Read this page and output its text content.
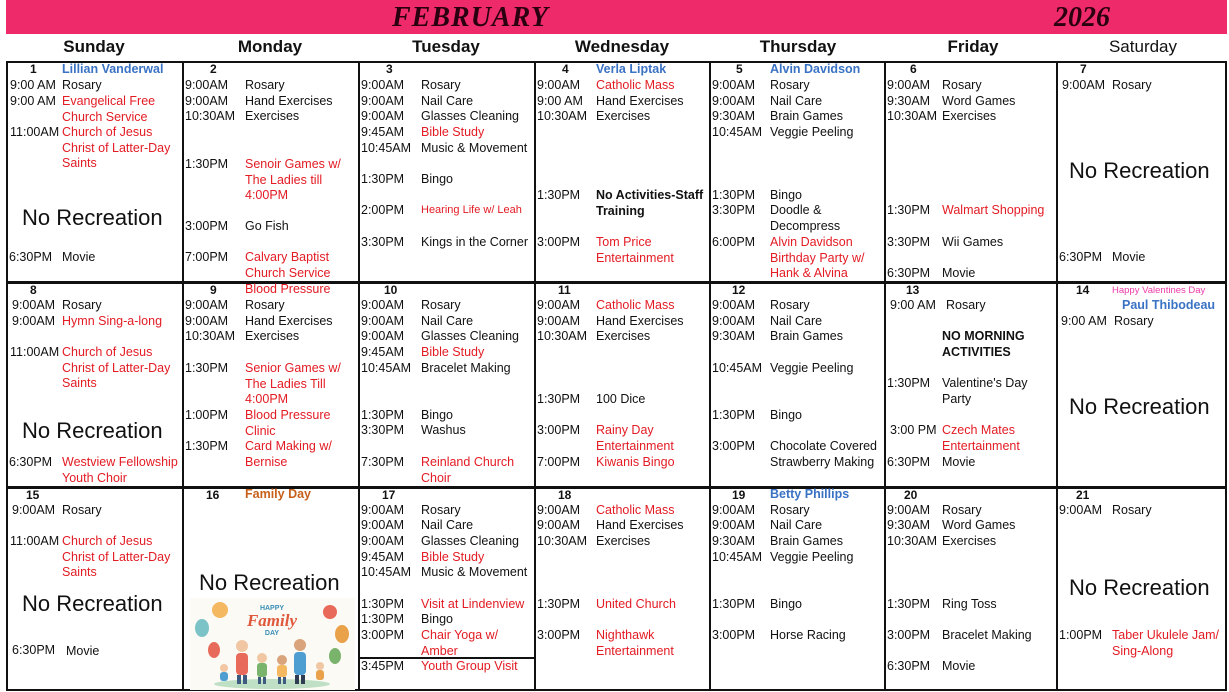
FEBRUARY	2026
Sunday	Monday	Tuesday	Wednesday	Thursday	Friday	Saturday
1 Lillian Vanderwal
9:00 AM Rosary
9:00 AM Evangelical Free Church Service
11:00AM Church of Jesus Christ of Latter-Day Saints
No Recreation
6:30PM Movie
2
9:00AM Rosary
9:00AM Hand Exercises
10:30AM Exercises
1:30PM Senoir Games w/ The Ladies till 4:00PM
3:00PM Go Fish
7:00PM Calvary Baptist Church Service
3
9:00AM Rosary
9:00AM Nail Care
9:00AM Glasses Cleaning
9:45AM Bible Study
10:45AM Music & Movement
1:30PM Bingo
2:00PM Hearing Life w/ Leah
3:30PM Kings in the Corner
4 Verla Liptak
9:00AM Catholic Mass
9:00 AM Hand Exercises
10:30AM Exercises
1:30PM No Activities-Staff Training
3:00PM Tom Price Entertainment
5 Alvin Davidson
9:00AM Rosary
9:00AM Nail Care
9:30AM Brain Games
10:45AM Veggie Peeling
1:30PM Bingo
3:30PM Doodle & Decompress
6:00PM Alvin Davidson Birthday Party w/ Hank & Alvina
6
9:00AM Rosary
9:30AM Word Games
10:30AM Exercises
1:30PM Walmart Shopping
3:30PM Wii Games
6:30PM Movie
7
9:00AM Rosary
No Recreation
6:30PM Movie
8
9:00AM Rosary
9:00AM Hymn Sing-a-long
11:00AM Church of Jesus Christ of Latter-Day Saints
No Recreation
6:30PM Westview Fellowship Youth Choir
9 Blood Pressure
9:00AM Rosary
9:00AM Hand Exercises
10:30AM Exercises
1:30PM Senior Games w/ The Ladies Till 4:00PM
1:00PM Blood Pressure Clinic
1:30PM Card Making w/ Bernise
10
9:00AM Rosary
9:00AM Nail Care
9:00AM Glasses Cleaning
9:45AM Bible Study
10:45AM Bracelet Making
1:30PM Bingo
3:30PM Washus
7:30PM Reinland Church Choir
11
9:00AM Catholic Mass
9:00AM Hand Exercises
10:30AM Exercises
1:30PM 100 Dice
3:00PM Rainy Day Entertainment
7:00PM Kiwanis Bingo
12
9:00AM Rosary
9:00AM Nail Care
9:30AM Brain Games
10:45AM Veggie Peeling
1:30PM Bingo
3:00PM Chocolate Covered Strawberry Making
13
9:00 AM Rosary
NO MORNING ACTIVITIES
1:30PM Valentine's Day Party
3:00 PM Czech Mates Entertainment
6:30PM Movie
14 Happy Valentines Day
Paul Thibodeau
9:00 AM Rosary
No Recreation
15
9:00AM Rosary
11:00AM Church of Jesus Christ of Latter-Day Saints
No Recreation
6:30PM Movie
16 Family Day
No Recreation
17
9:00AM Rosary
9:00AM Nail Care
9:00AM Glasses Cleaning
9:45AM Bible Study
10:45AM Music & Movement
1:30PM Visit at Lindenview
1:30PM Bingo
3:00PM Chair Yoga w/ Amber
3:45PM Youth Group Visit
18
9:00AM Catholic Mass
9:00AM Hand Exercises
10:30AM Exercises
1:30PM United Church
3:00PM Nighthawk Entertainment
19 Betty Phillips
9:00AM Rosary
9:00AM Nail Care
9:30AM Brain Games
10:45AM Veggie Peeling
1:30PM Bingo
3:00PM Horse Racing
20
9:00AM Rosary
9:30AM Word Games
10:30AM Exercises
1:30PM Ring Toss
3:00PM Bracelet Making
6:30PM Movie
21
9:00AM Rosary
No Recreation
1:00PM Taber Ukulele Jam/ Sing-Along
HAPPY
Family
DAY
